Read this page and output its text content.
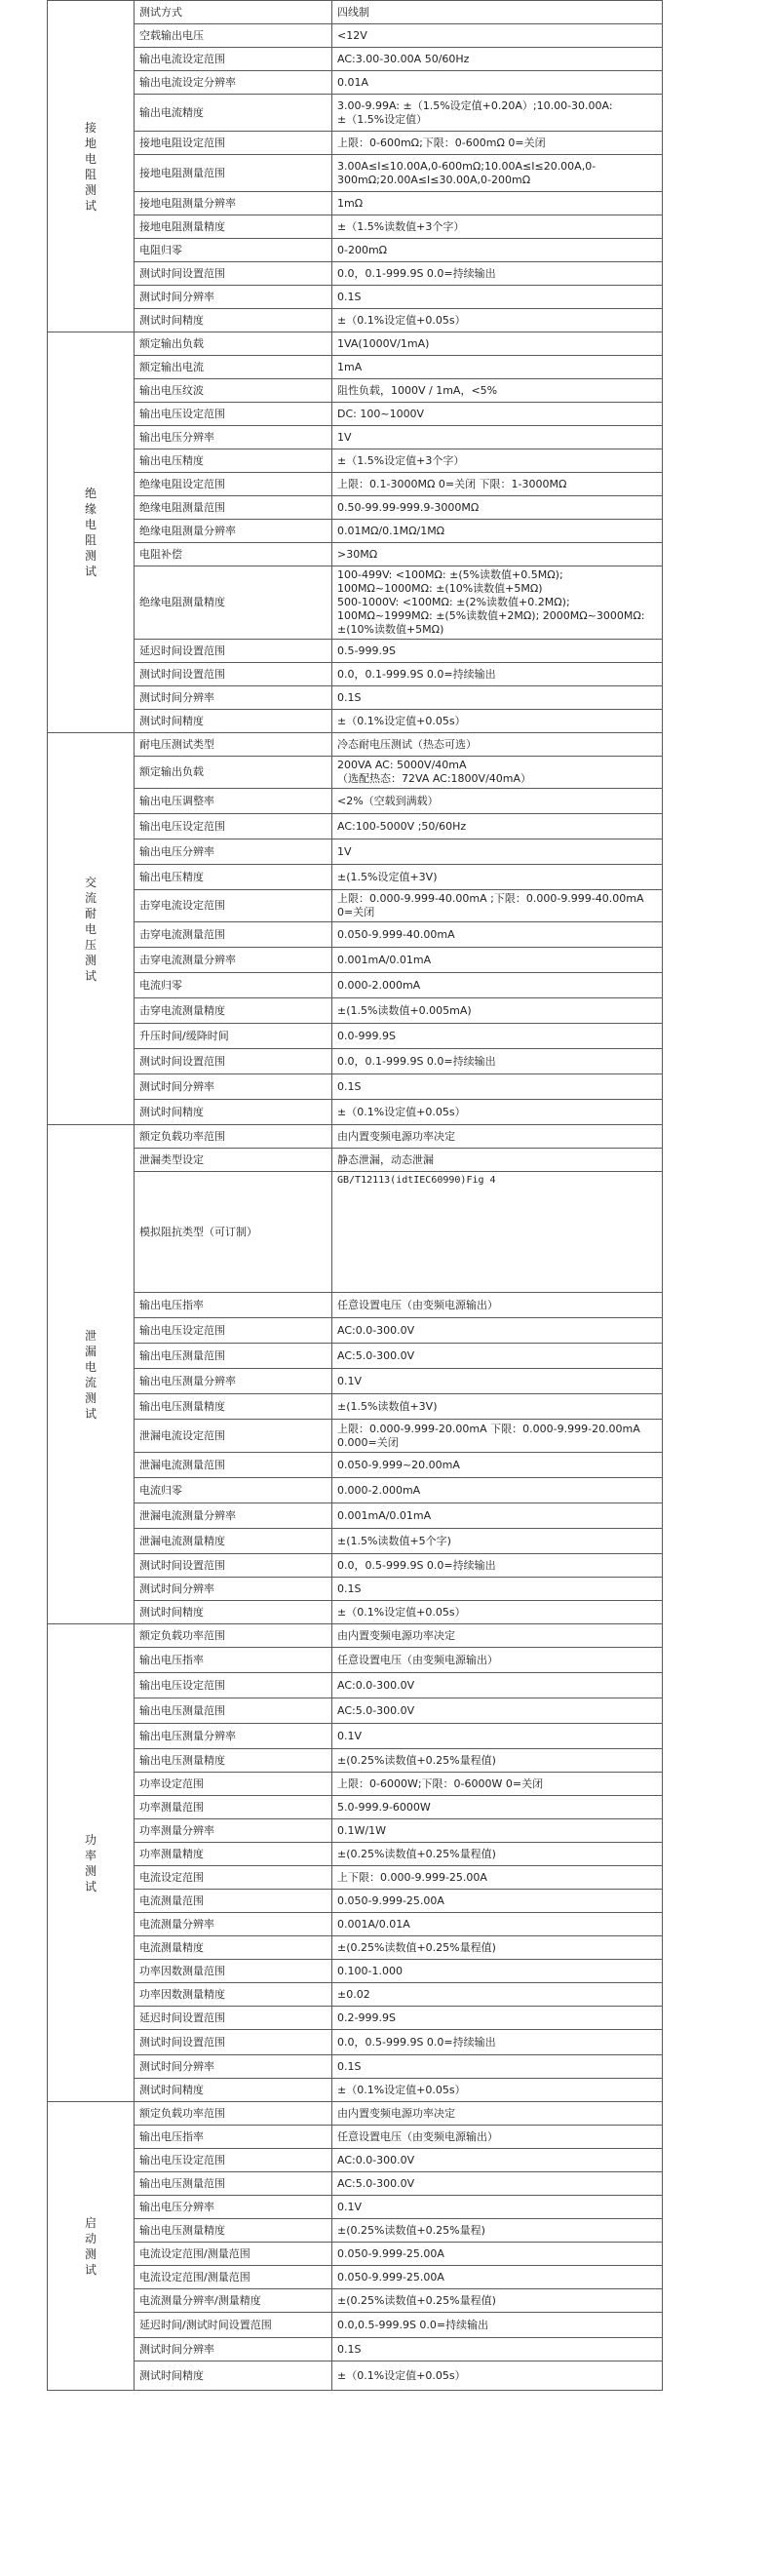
接地电阻测试	测试方式	四线制
	空载输出电压	<12V
	输出电流设定范围	AC:3.00-30.00A 50/60Hz
	输出电流设定分辨率	0.01A
	输出电流精度	3.00-9.99A: ±（1.5%设定值+0.20A）;10.00-30.00A: ±（1.5%设定值）
	接地电阻设定范围	上限：0-600mΩ;下限：0-600mΩ 0=关闭
	接地电阻测量范围	3.00A≤I≤10.00A,0-600mΩ;10.00A≤I≤20.00A,0-300mΩ;20.00A≤I≤30.00A,0-200mΩ
	接地电阻测量分辨率	1mΩ
	接地电阻测量精度	±（1.5%读数值+3个字）
	电阻归零	0-200mΩ
	测试时间设置范围	0.0，0.1-999.9S 0.0=持续输出
	测试时间分辨率	0.1S
	测试时间精度	±（0.1%设定值+0.05s）
绝缘电阻测试	额定输出负载	1VA(1000V/1mA)
	额定输出电流	1mA
	输出电压纹波	阻性负载，1000V / 1mA，<5%
	输出电压设定范围	DC: 100~1000V
	输出电压分辨率	1V
	输出电压精度	±（1.5%设定值+3个字）
	绝缘电阻设定范围	上限：0.1-3000MΩ 0=关闭 下限：1-3000MΩ
	绝缘电阻测量范围	0.50-99.99-999.9-3000MΩ
	绝缘电阻测量分辨率	0.01MΩ/0.1MΩ/1MΩ
	电阻补偿	>30MΩ
	绝缘电阻测量精度	100-499V: <100MΩ: ±(5%读数值+0.5MΩ); 100MΩ~1000MΩ: ±(10%读数值+5MΩ)
500-1000V: <100MΩ: ±(2%读数值+0.2MΩ); 100MΩ~1999MΩ: ±(5%读数值+2MΩ); 2000MΩ~3000MΩ: ±(10%读数值+5MΩ)
	延迟时间设置范围	0.5-999.9S
	测试时间设置范围	0.0，0.1-999.9S 0.0=持续输出
	测试时间分辨率	0.1S
	测试时间精度	±（0.1%设定值+0.05s）
交流耐电压测试	耐电压测试类型	冷态耐电压测试（热态可选）
	额定输出负载	200VA AC: 5000V/40mA
（选配热态：72VA AC:1800V/40mA）
	输出电压调整率	<2%（空载到满载）
	输出电压设定范围	AC:100-5000V ;50/60Hz
	输出电压分辨率	1V
	输出电压精度	±(1.5%设定值+3V)
	击穿电流设定范围	上限：0.000-9.999-40.00mA ;下限：0.000-9.999-40.00mA 0=关闭
	击穿电流测量范围	0.050-9.999-40.00mA
	击穿电流测量分辨率	0.001mA/0.01mA
	电流归零	0.000-2.000mA
	击穿电流测量精度	±(1.5%读数值+0.005mA)
	升压时间/缓降时间	0.0-999.9S
	测试时间设置范围	0.0，0.1-999.9S 0.0=持续输出
	测试时间分辨率	0.1S
	测试时间精度	±（0.1%设定值+0.05s）
泄漏电流测试	额定负载功率范围	由内置变频电源功率决定
	泄漏类型设定	静态泄漏，动态泄漏
	模拟阻抗类型（可订制）	GB/T12113(idtIEC60990)Fig 4
	输出电压指率	任意设置电压（由变频电源输出）
	输出电压设定范围	AC:0.0-300.0V
	输出电压测量范围	AC:5.0-300.0V
	输出电压测量分辨率	0.1V
	输出电压测量精度	±(1.5%读数值+3V)
	泄漏电流设定范围	上限：0.000-9.999-20.00mA 下限：0.000-9.999-20.00mA 0.000=关闭
	泄漏电流测量范围	0.050-9.999~20.00mA
	电流归零	0.000-2.000mA
	泄漏电流测量分辨率	0.001mA/0.01mA
	泄漏电流测量精度	±(1.5%读数值+5个字)
	测试时间设置范围	0.0，0.5-999.9S 0.0=持续输出
	测试时间分辨率	0.1S
	测试时间精度	±（0.1%设定值+0.05s）
功率测试	额定负载功率范围	由内置变频电源功率决定
	输出电压指率	任意设置电压（由变频电源输出）
	输出电压设定范围	AC:0.0-300.0V
	输出电压测量范围	AC:5.0-300.0V
	输出电压测量分辨率	0.1V
	输出电压测量精度	±(0.25%读数值+0.25%量程值)
	功率设定范围	上限：0-6000W;下限：0-6000W 0=关闭
	功率测量范围	5.0-999.9-6000W
	功率测量分辨率	0.1W/1W
	功率测量精度	±(0.25%读数值+0.25%量程值)
	电流设定范围	上下限：0.000-9.999-25.00A
	电流测量范围	0.050-9.999-25.00A
	电流测量分辨率	0.001A/0.01A
	电流测量精度	±(0.25%读数值+0.25%量程值)
	功率因数测量范围	0.100-1.000
	功率因数测量精度	±0.02
	延迟时间设置范围	0.2-999.9S
	测试时间设置范围	0.0，0.5-999.9S 0.0=持续输出
	测试时间分辨率	0.1S
	测试时间精度	±（0.1%设定值+0.05s）
启动测试	额定负载功率范围	由内置变频电源功率决定
	输出电压指率	任意设置电压（由变频电源输出）
	输出电压设定范围	AC:0.0-300.0V
	输出电压测量范围	AC:5.0-300.0V
	输出电压分辨率	0.1V
	输出电压测量精度	±(0.25%读数值+0.25%量程)
	电流设定范围/测量范围	0.050-9.999-25.00A
	电流设定范围/测量范围	0.050-9.999-25.00A
	电流测量分辨率/测量精度	±(0.25%读数值+0.25%量程值)
	延迟时间/测试时间设置范围	0.0,0.5-999.9S 0.0=持续输出
	测试时间分辨率	0.1S
	测试时间精度	±（0.1%设定值+0.05s）
